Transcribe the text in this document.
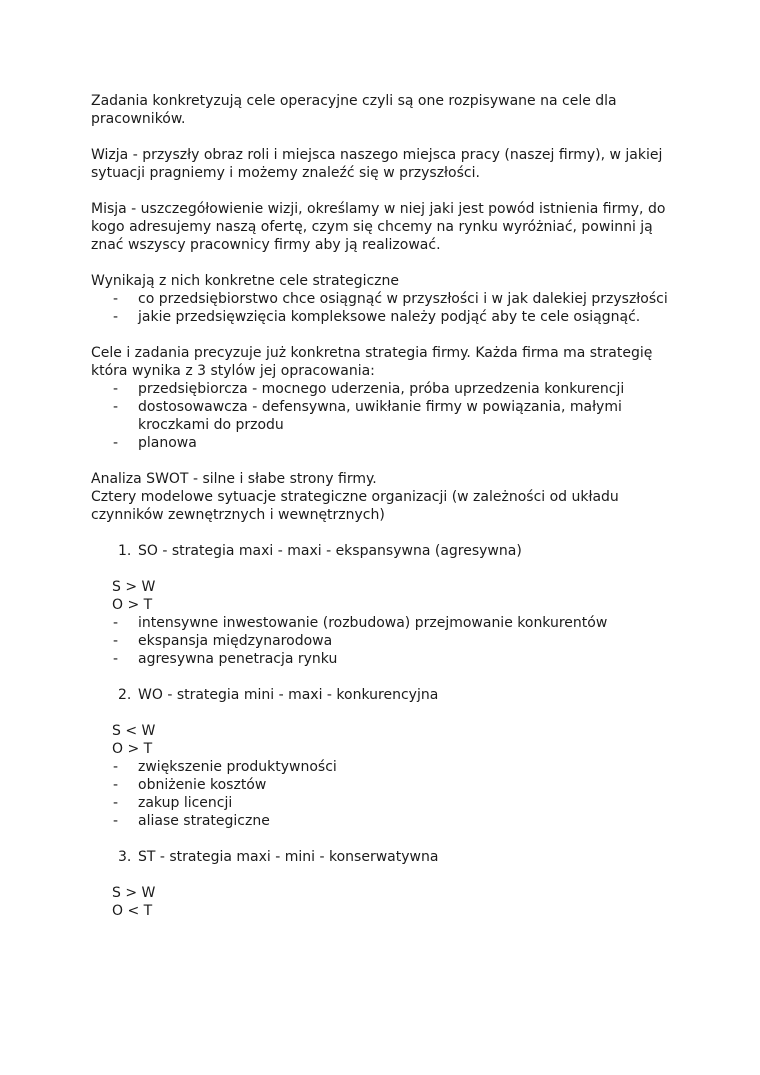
Zadania konkretyzują cele operacyjne czyli są one rozpisywane na cele dla pracowników.

Wizja - przyszły obraz roli i miejsca naszego miejsca pracy (naszej firmy), w jakiej sytuacji pragniemy i możemy znaleźć się w przyszłości.

Misja - uszczegółowienie wizji, określamy w niej jaki jest powód istnienia firmy, do kogo adresujemy naszą ofertę, czym się chcemy na rynku wyróżniać, powinni ją znać wszyscy pracownicy firmy aby ją realizować.

Wynikają z nich konkretne cele strategiczne

-	co przedsiębiorstwo chce osiągnąć w przyszłości i w jak dalekiej przyszłości
-	jakie przedsięwzięcia kompleksowe należy podjąć aby te cele osiągnąć.

Cele i zadania precyzuje już konkretna strategia firmy. Każda firma ma strategię która wynika z 3 stylów jej opracowania:

-	przedsiębiorcza - mocnego uderzenia, próba uprzedzenia konkurencji
-	dostosowawcza - defensywna, uwikłanie firmy w powiązania, małymi kroczkami do przodu
-	planowa

Analiza SWOT - silne i słabe strony firmy.

Cztery modelowe sytuacje strategiczne organizacji (w zależności od układu czynników zewnętrznych i wewnętrznych)

1. SO - strategia maxi - maxi - ekspansywna (agresywna)
S > W
O > T
-	intensywne inwestowanie (rozbudowa) przejmowanie konkurentów
-	ekspansja międzynarodowa
-	agresywna penetracja rynku
2. WO - strategia mini - maxi - konkurencyjna
S < W
O > T
-	zwiększenie produktywności
-	obniżenie kosztów
-	zakup licencji
-	aliase strategiczne
3. ST - strategia maxi - mini - konserwatywna
S > W
O < T
